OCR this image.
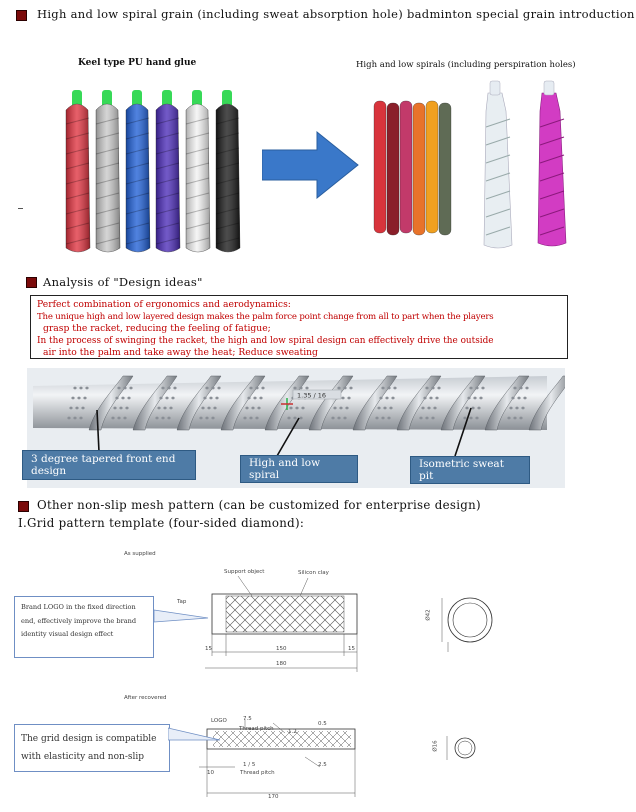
High and low spiral grain (including sweat absorption hole) badminton special grain introduction
Keel type PU hand glue	High and low spirals (including perspiration holes)
Analysis of "Design ideas"
Perfect combination of ergonomics and aerodynamics:
The unique high and low layered design makes the palm force point change from all to part when the players
grasp the racket, reducing the feeling of fatigue;
In the process of swinging the racket, the high and low spiral design can effectively drive the outside
air into the palm and take away the heat; Reduce sweating
1.35 / 16
3 degree tapered front end design
High and low spiral
Isometric sweat pit
Other non-slip mesh pattern (can be customized for enterprise design)
I.Grid pattern template (four-sided diamond):
As supplied
Support object	Silicon clay
Tap
15	150	15
180
Ø42
Brand LOGO in the fixed direction
end, effectively improve the brand
identity visual design effect
After recovered
LOGO	7.5
Thread pitch	1.2
0.5
1 / 5
Thread pitch
2.5
10
170
Ø16
The grid design is compatible
with elasticity and non-slip
